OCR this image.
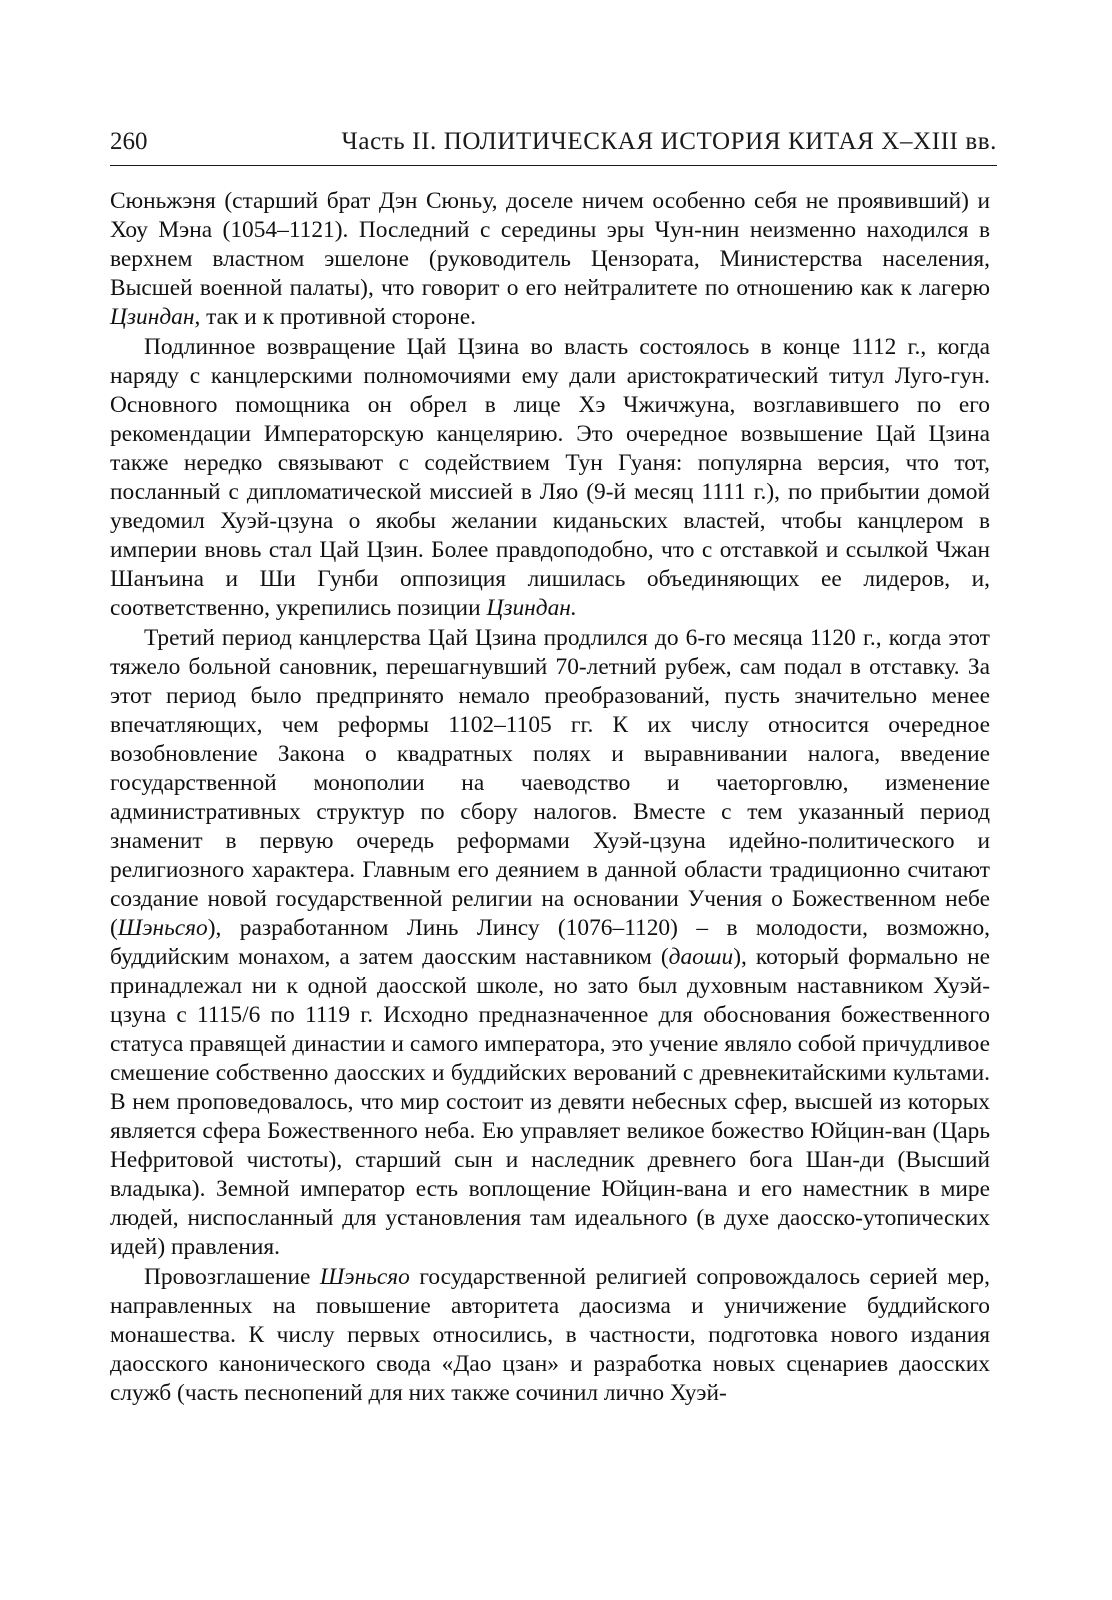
260	Часть II. ПОЛИТИЧЕСКАЯ ИСТОРИЯ КИТАЯ X–XIII вв.

Сюньжэня (старший брат Дэн Сюньу, доселе ничем особенно себя не проявивший) и Хоу Мэна (1054–1121). Последний с середины эры Чун-нин неизменно находился в верхнем властном эшелоне (руководитель Цензората, Министерства населения, Высшей военной палаты), что говорит о его нейтралитете по отношению как к лагерю Цзиндан, так и к противной стороне.

Подлинное возвращение Цай Цзина во власть состоялось в конце 1112 г., когда наряду с канцлерскими полномочиями ему дали аристократический титул Луго-гун. Основного помощника он обрел в лице Хэ Чжичжуна, возглавившего по его рекомендации Императорскую канцелярию. Это очередное возвышение Цай Цзина также нередко связывают с содействием Тун Гуаня: популярна версия, что тот, посланный с дипломатической миссией в Ляо (9-й месяц 1111 г.), по прибытии домой уведомил Хуэй-цзуна о якобы желании киданьских властей, чтобы канцлером в империи вновь стал Цай Цзин. Более правдоподобно, что с отставкой и ссылкой Чжан Шанъина и Ши Гунби оппозиция лишилась объединяющих ее лидеров, и, соответственно, укрепились позиции Цзиндан.

Третий период канцлерства Цай Цзина продлился до 6-го месяца 1120 г., когда этот тяжело больной сановник, перешагнувший 70-летний рубеж, сам подал в отставку. За этот период было предпринято немало преобразований, пусть значительно менее впечатляющих, чем реформы 1102–1105 гг. К их числу относится очередное возобновление Закона о квадратных полях и выравнивании налога, введение государственной монополии на чаеводство и чаеторговлю, изменение административных структур по сбору налогов. Вместе с тем указанный период знаменит в первую очередь реформами Хуэй-цзуна идейно-политического и религиозного характера. Главным его деянием в данной области традиционно считают создание новой государственной религии на основании Учения о Божественном небе (Шэньсяо), разработанном Линь Линсу (1076–1120) – в молодости, возможно, буддийским монахом, а затем даосским наставником (даоши), который формально не принадлежал ни к одной даосской школе, но зато был духовным наставником Хуэй-цзуна с 1115/6 по 1119 г. Исходно предназначенное для обоснования божественного статуса правящей династии и самого императора, это учение являло собой причудливое смешение собственно даосских и буддийских верований с древнекитайскими культами. В нем проповедовалось, что мир состоит из девяти небесных сфер, высшей из которых является сфера Божественного неба. Ею управляет великое божество Юйцин-ван (Царь Нефритовой чистоты), старший сын и наследник древнего бога Шан-ди (Высший владыка). Земной император есть воплощение Юйцин-вана и его наместник в мире людей, ниспосланный для установления там идеального (в духе даосско-утопических идей) правления.

Провозглашение Шэньсяо государственной религией сопровождалось серией мер, направленных на повышение авторитета даосизма и уничижение буддийского монашества. К числу первых относились, в частности, подготовка нового издания даосского канонического свода «Дао цзан» и разработка новых сценариев даосских служб (часть песнопений для них также сочинил лично Хуэй-
